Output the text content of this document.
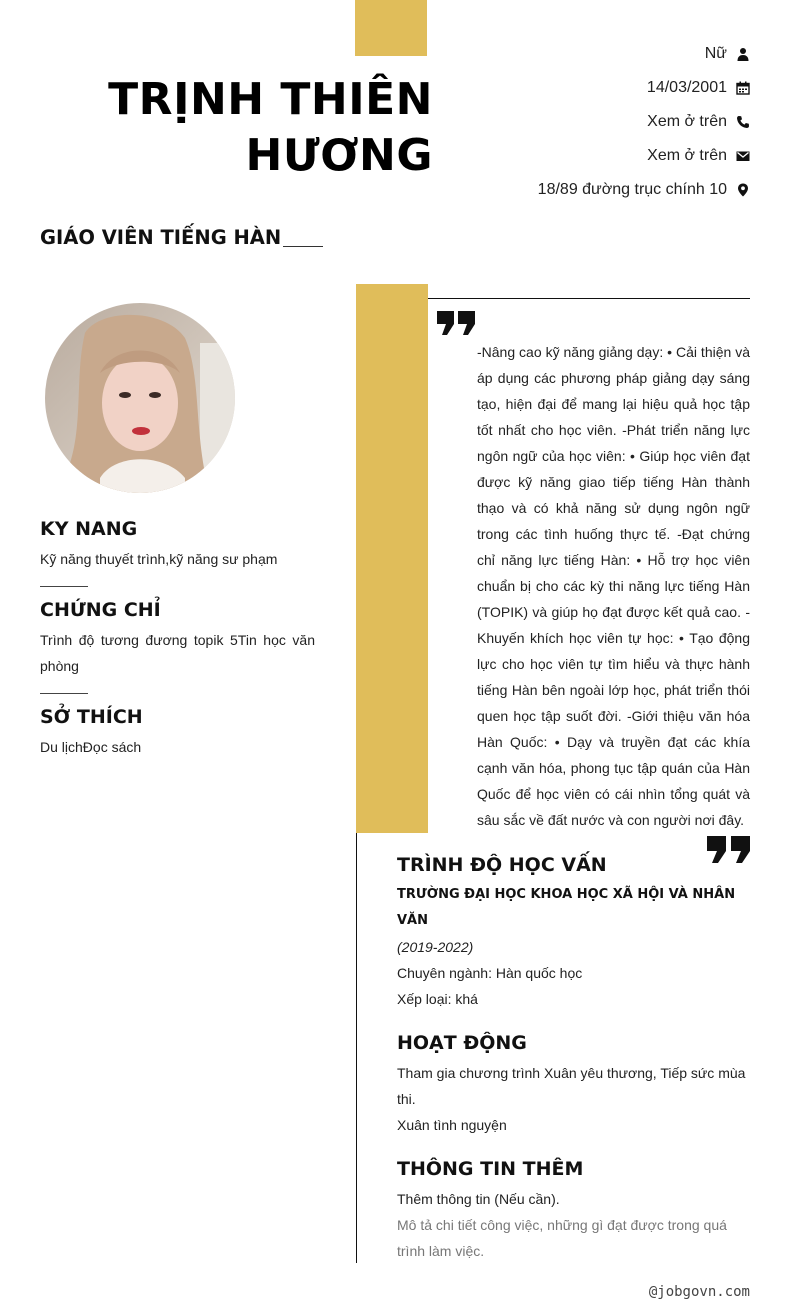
TRỊNH THIÊN
HƯƠNG
Nữ
14/03/2001
Xem ở trên
Xem ở trên
18/89 đường trục chính 10
GIÁO VIÊN TIẾNG HÀN
KY NANG

Kỹ năng thuyết trình,kỹ năng sư phạm

CHỨNG CHỈ

Trình độ tương đương topik 5Tin học văn phòng

SỞ THÍCH

Du lịchĐọc sách

-Nâng cao kỹ năng giảng dạy: • Cải thiện và áp dụng các phương pháp giảng dạy sáng tạo, hiện đại để mang lại hiệu quả học tập tốt nhất cho học viên. -Phát triển năng lực ngôn ngữ của học viên: • Giúp học viên đạt được kỹ năng giao tiếp tiếng Hàn thành thạo và có khả năng sử dụng ngôn ngữ trong các tình huống thực tế. -Đạt chứng chỉ năng lực tiếng Hàn: • Hỗ trợ học viên chuẩn bị cho các kỳ thi năng lực tiếng Hàn (TOPIK) và giúp họ đạt được kết quả cao. -Khuyến khích học viên tự học: • Tạo động lực cho học viên tự tìm hiểu và thực hành tiếng Hàn bên ngoài lớp học, phát triển thói quen học tập suốt đời. -Giới thiệu văn hóa Hàn Quốc: • Dạy và truyền đạt các khía cạnh văn hóa, phong tục tập quán của Hàn Quốc để học viên có cái nhìn tổng quát và sâu sắc về đất nước và con người nơi đây.

TRÌNH ĐỘ HỌC VẤN

TRƯỜNG ĐẠI HỌC KHOA HỌC XÃ HỘI VÀ NHÂN VĂN

(2019-2022)

Chuyên ngành: Hàn quốc học

Xếp loại: khá

HOẠT ĐỘNG

Tham gia chương trình Xuân yêu thương, Tiếp sức mùa thi.

Xuân tình nguyện

THÔNG TIN THÊM

Thêm thông tin (Nếu cần).

Mô tả chi tiết công việc, những gì đạt được trong quá trình làm việc.

@jobgovn.com
